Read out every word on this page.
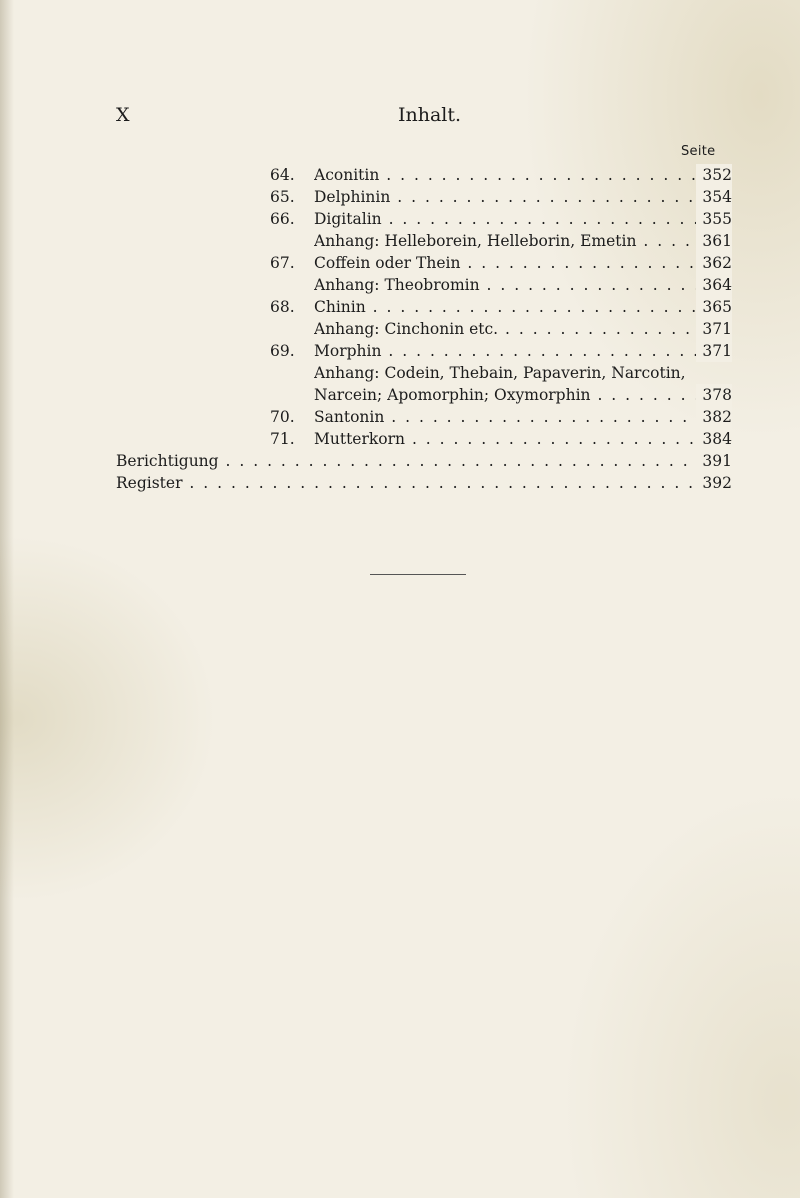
X	Inhalt.
Seite
64. Aconitin . . .	352
65. Delphinin . . .	354
66. Digitalin . . .	355
Anhang: Helleborein, Helleborin, Emetin . . .	361
67. Coffein oder Thein . . .	362
Anhang: Theobromin . . .	364
68. Chinin . . .	365
Anhang: Cinchonin etc. . . .	371
69. Morphin . . .	371
Anhang: Codein, Thebain, Papaverin, Narcotin,
Narcein; Apomorphin; Oxymorphin . . .	378
70. Santonin . . .	382
71. Mutterkorn . . .	384
Berichtigung . . .	391
Register . . .	392
